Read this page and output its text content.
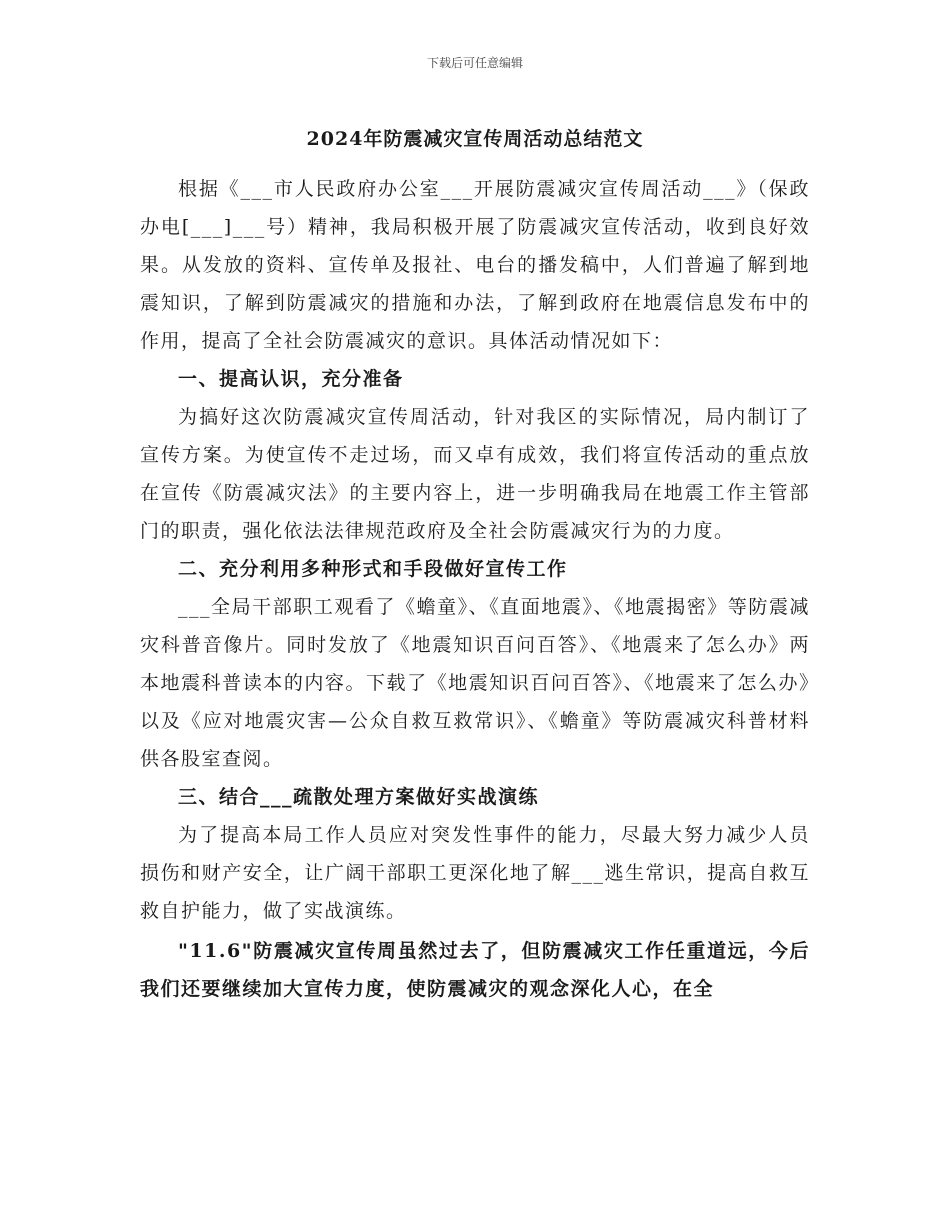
下载后可任意编辑
2024年防震减灾宣传周活动总结范文

根据《___市人民政府办公室___开展防震减灾宣传周活动___》（保政办电[___]___号）精神，我局积极开展了防震减灾宣传活动，收到良好效果。从发放的资料、宣传单及报社、电台的播发稿中，人们普遍了解到地震知识，了解到防震减灾的措施和办法，了解到政府在地震信息发布中的作用，提高了全社会防震减灾的意识。具体活动情况如下：

一、提高认识，充分准备

为搞好这次防震减灾宣传周活动，针对我区的实际情况，局内制订了宣传方案。为使宣传不走过场，而又卓有成效，我们将宣传活动的重点放在宣传《防震减灾法》的主要内容上，进一步明确我局在地震工作主管部门的职责，强化依法法律规范政府及全社会防震减灾行为的力度。

二、充分利用多种形式和手段做好宣传工作

___全局干部职工观看了《蟾童》、《直面地震》、《地震揭密》等防震减灾科普音像片。同时发放了《地震知识百问百答》、《地震来了怎么办》两本地震科普读本的内容。下载了《地震知识百问百答》、《地震来了怎么办》以及《应对地震灾害—公众自救互救常识》、《蟾童》等防震减灾科普材料供各股室查阅。

三、结合___疏散处理方案做好实战演练

为了提高本局工作人员应对突发性事件的能力，尽最大努力减少人员损伤和财产安全，让广阔干部职工更深化地了解___逃生常识，提高自救互救自护能力，做了实战演练。

"11.6"防震减灾宣传周虽然过去了，但防震减灾工作任重道远，今后我们还要继续加大宣传力度，使防震减灾的观念深化人心，在全
